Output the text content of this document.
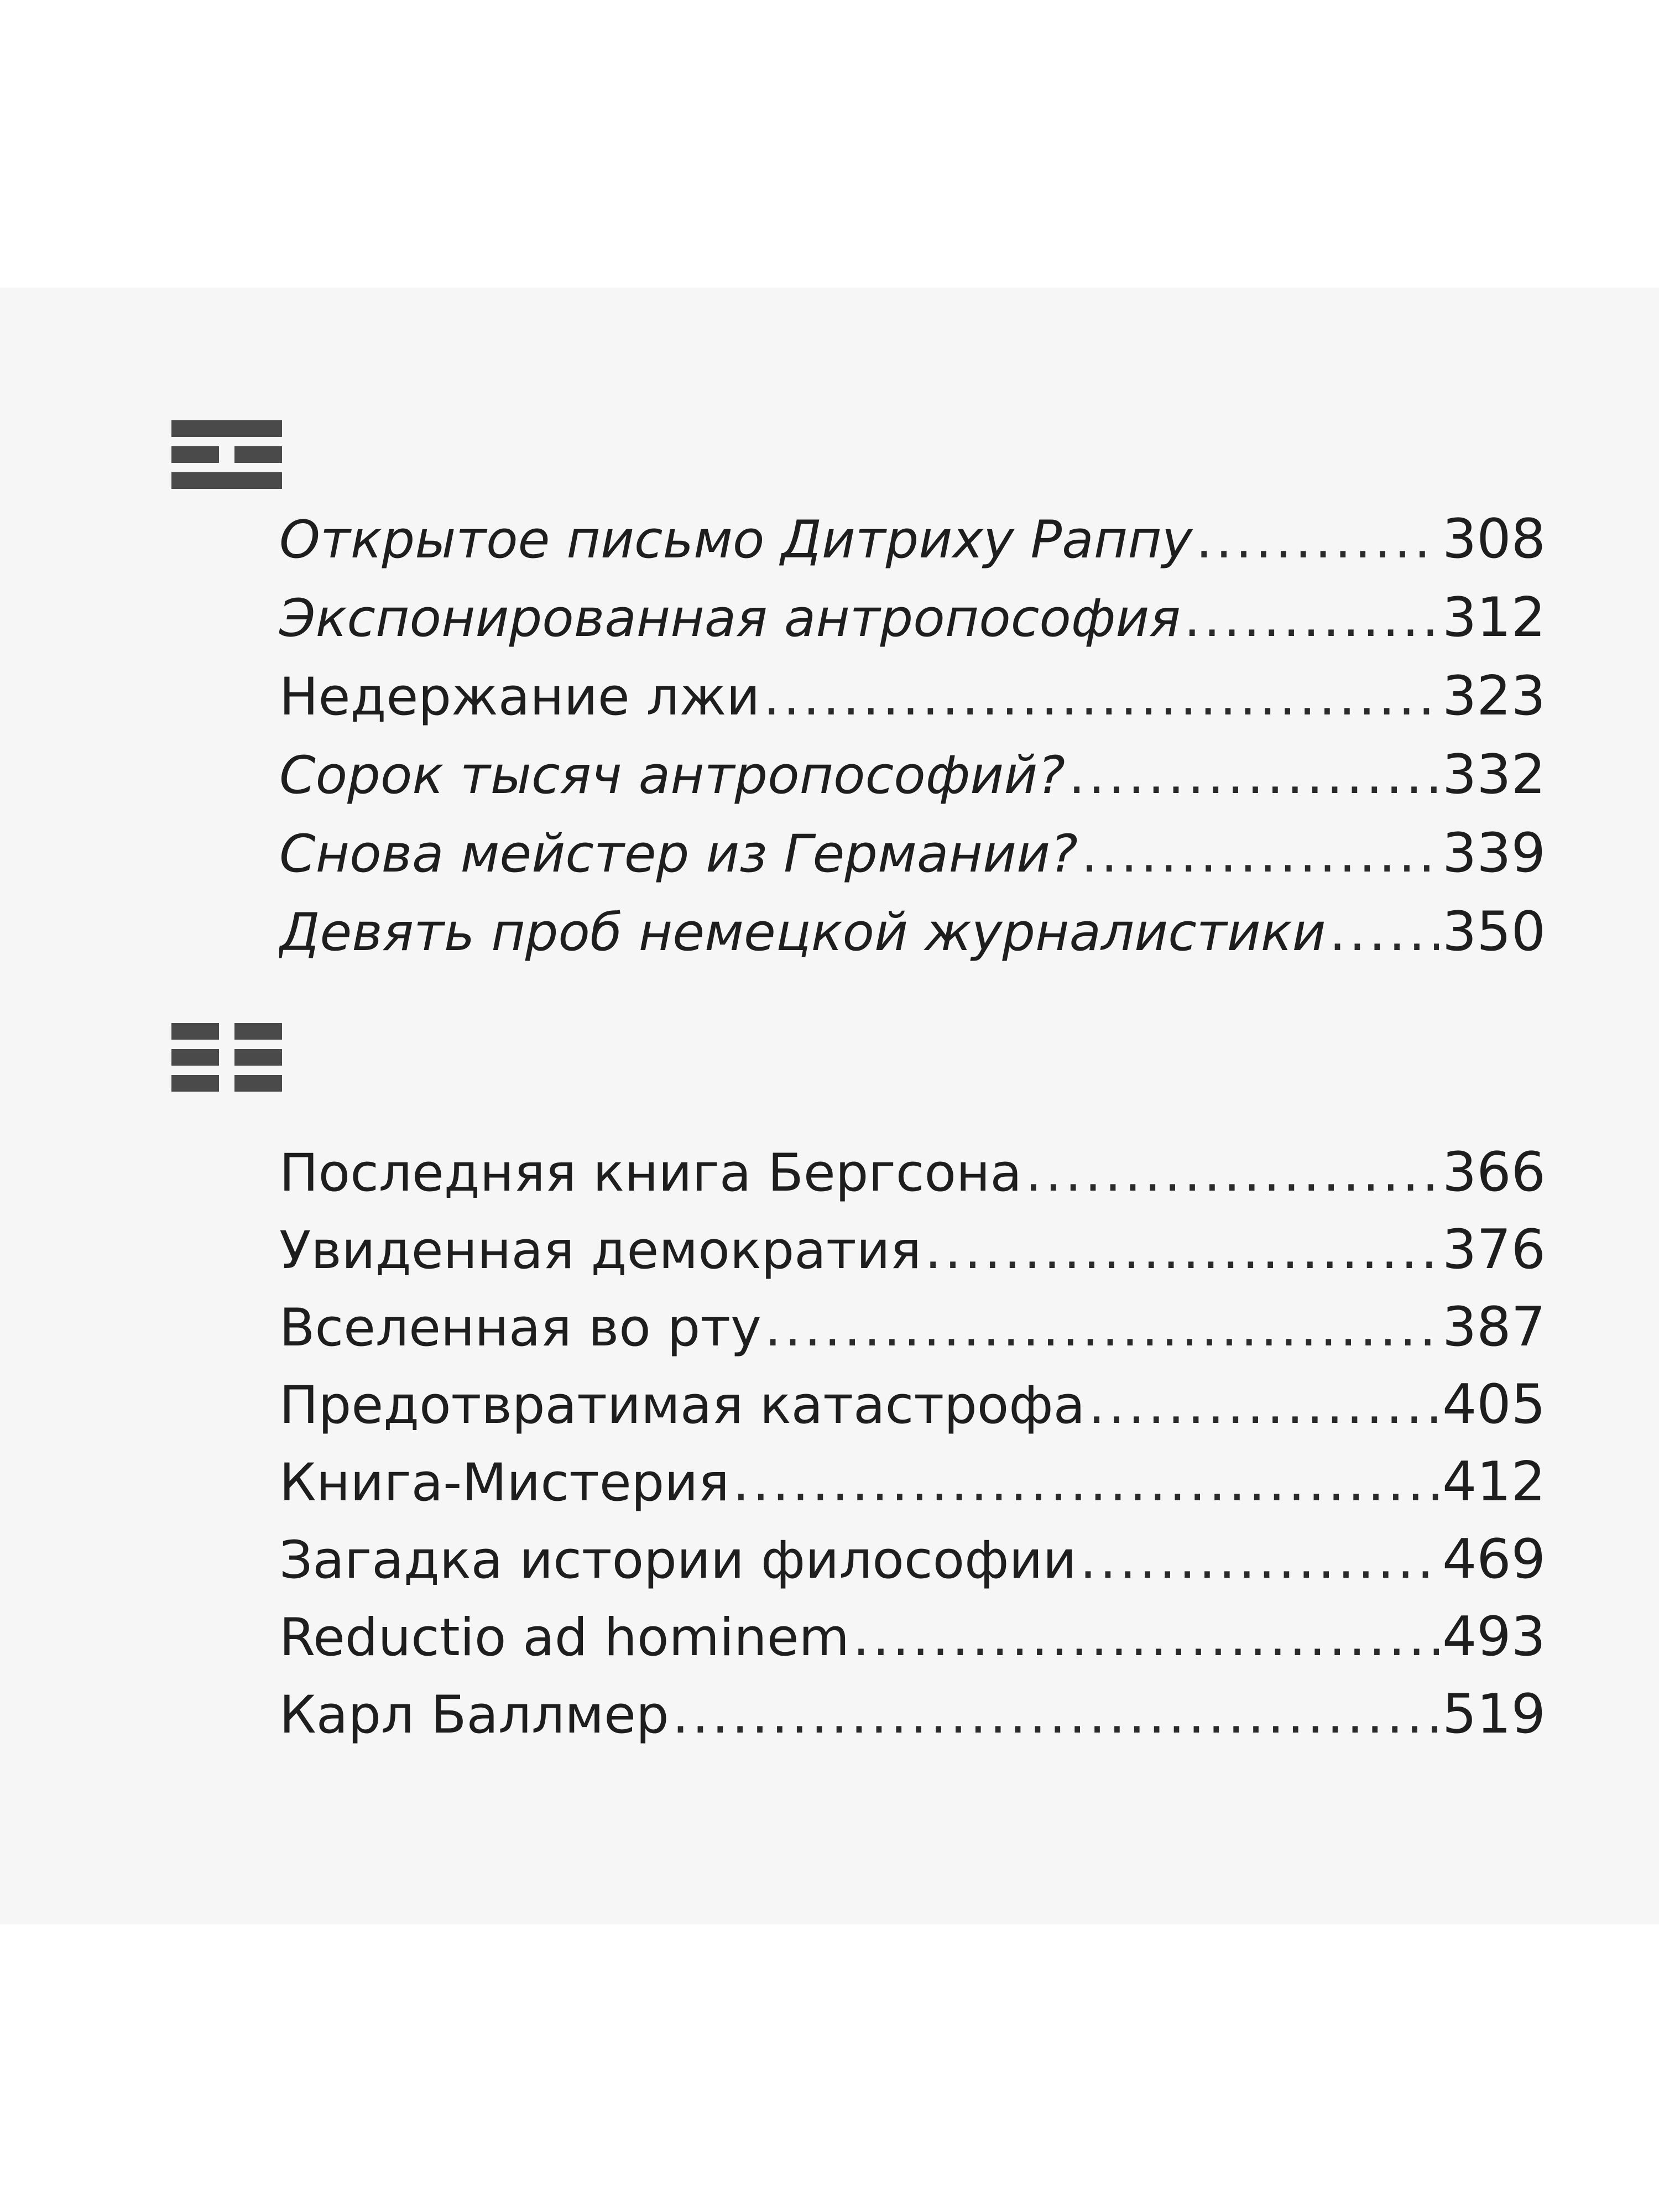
Открытое письмо Дитриху Раппу .....	308
Экспонированная антропософия .....	312
Недержание лжи .....	323
Сорок тысяч антропософий? .....	332
Снова мейстер из Германии? .....	339
Девять проб немецкой журналистики ..... 350
Последняя книга Бергсона .....	366
Увиденная демократия .....	376
Вселенная во рту .....	387
Предотвратимая катастрофа .....	405
Книга-Мистерия .....	412
Загадка истории философии .....	469
Reductio ad hominem .....	493
Карл Баллмер .....	519
